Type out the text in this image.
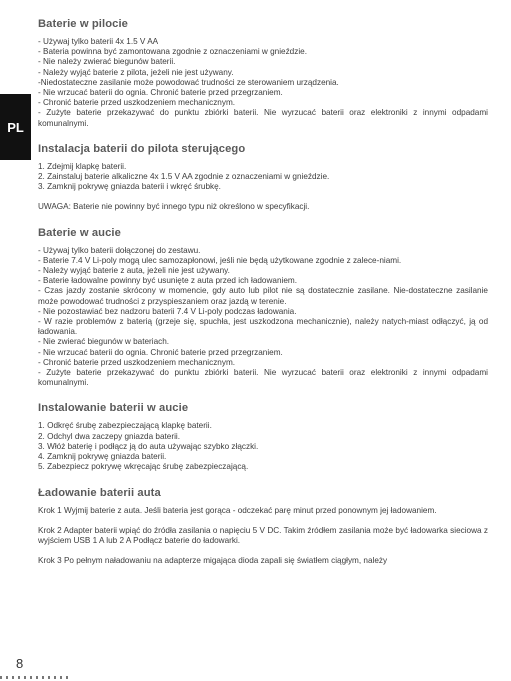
PL
Baterie w pilocie

- Używaj tylko baterii 4x 1.5 V AA

- Bateria powinna być zamontowana zgodnie z oznaczeniami w gnieździe.

- Nie należy zwierać biegunów baterii.

- Należy wyjąć baterie z pilota, jeżeli nie jest używany.

-Niedostateczne zasilanie może powodować trudności ze sterowaniem urządzenia.

- Nie wrzucać baterii do ognia. Chronić baterie przed przegrzaniem.

- Chronić baterie przed uszkodzeniem mechanicznym.

- Zużyte baterie przekazywać do punktu zbiórki baterii. Nie wyrzucać baterii oraz elektroniki z innymi odpadami komunalnymi.

Instalacja baterii do pilota sterującego

1. Zdejmij klapkę baterii.

2. Zainstaluj baterie alkaliczne 4x 1.5 V AA zgodnie z oznaczeniami w gnieździe.

3. Zamknij pokrywę gniazda baterii i wkręć śrubkę.

UWAGA: Baterie nie powinny być innego typu niż określono w specyfikacji.

Baterie w aucie

- Używaj tylko baterii dołączonej do zestawu.

- Baterie 7.4 V Li-poly mogą ulec samozapłonowi, jeśli nie będą użytkowane zgodnie z zalece-niami.

- Należy wyjąć baterie z auta, jeżeli nie jest używany.

- Baterie ładowalne powinny być usunięte z auta przed ich ładowaniem.

- Czas jazdy zostanie skrócony w momencie, gdy auto lub pilot nie są dostatecznie zasilane. Nie-dostateczne zasilanie może powodować trudności z przyspieszaniem oraz jazdą w terenie.

- Nie pozostawiać bez nadzoru baterii 7.4 V Li-poly podczas ładowania.

- W razie problemów z baterią (grzeje się, spuchła, jest uszkodzona mechanicznie), należy natych-miast odłączyć, ją od ładowania.

- Nie zwierać biegunów w bateriach.

- Nie wrzucać baterii do ognia. Chronić baterie przed przegrzaniem.

- Chronić baterie przed uszkodzeniem mechanicznym.

- Zużyte baterie przekazywać do punktu zbiórki baterii. Nie wyrzucać baterii oraz elektroniki z innymi odpadami komunalnymi.

Instalowanie baterii w aucie

1. Odkręć śrubę zabezpieczającą klapkę baterii.

2. Odchyl dwa zaczepy gniazda baterii.

3. Włóż baterię i podłącz ją do auta używając szybko złączki.

4. Zamknij pokrywę gniazda baterii.

5. Zabezpiecz pokrywę wkręcając śrubę zabezpieczającą.

Ładowanie baterii auta

Krok 1 Wyjmij baterie z auta. Jeśli bateria jest gorąca - odczekać parę minut przed ponownym jej ładowaniem.

Krok 2 Adapter baterii wpiąć do źródła zasilania o napięciu 5 V DC. Takim źródłem zasilania może być ładowarka sieciowa z wyjściem USB 1 A lub 2 A Podłącz baterie do ładowarki.

Krok 3 Po pełnym naładowaniu na adapterze migająca dioda zapali się światłem ciągłym, należy

8
